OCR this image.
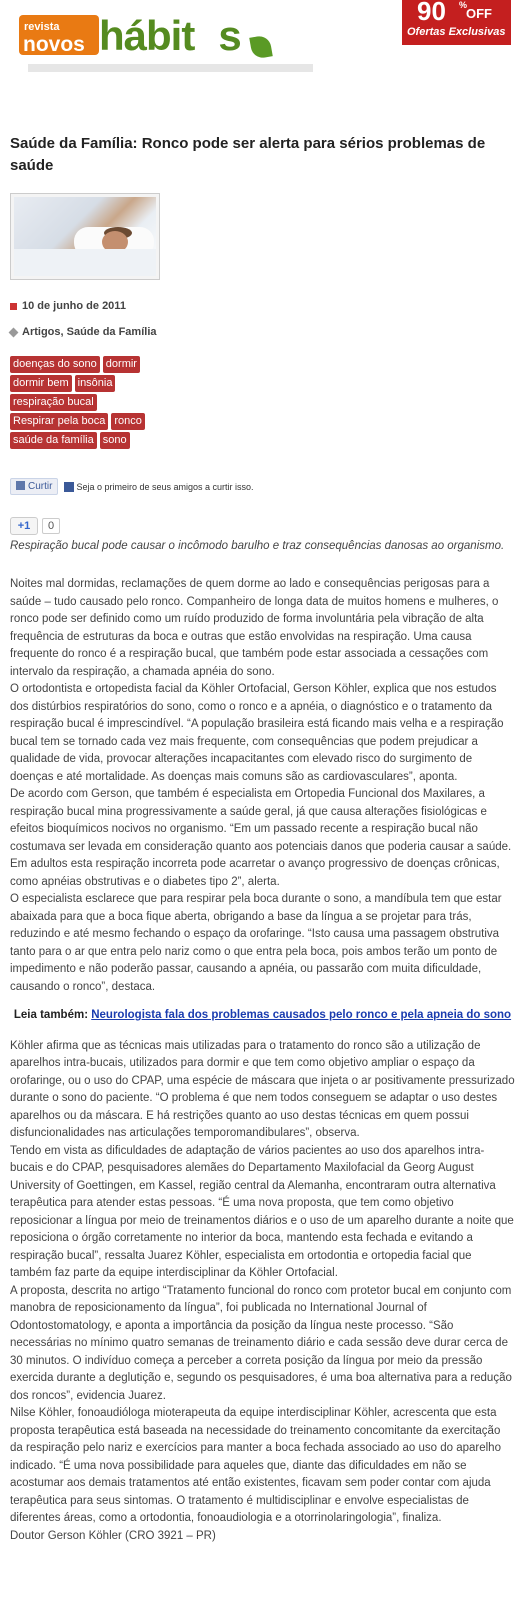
revista
novos hábit s
90 %
OFF
Ofertas Exclusivas
Saúde da Família: Ronco pode ser alerta para sérios problemas de saúde
10 de junho de 2011
Artigos, Saúde da Família
doenças do sono dormir
dormir bem insônia
respiração bucal
Respirar pela boca ronco
saúde da família sono
Curtir	Seja o primeiro de seus amigos a curtir isso.
+1 0

Respiração bucal pode causar o incômodo barulho e traz consequências danosas ao organismo.

Noites mal dormidas, reclamações de quem dorme ao lado e consequências perigosas para a saúde – tudo causado pelo ronco. Companheiro de longa data de muitos homens e mulheres, o ronco pode ser definido como um ruído produzido de forma involuntária pela vibração de alta frequência de estruturas da boca e outras que estão envolvidas na respiração. Uma causa frequente do ronco é a respiração bucal, que também pode estar associada a cessações com intervalo da respiração, a chamada apnéia do sono.

O ortodontista e ortopedista facial da Köhler Ortofacial, Gerson Köhler, explica que nos estudos dos distúrbios respiratórios do sono, como o ronco e a apnéia, o diagnóstico e o tratamento da respiração bucal é imprescindível. “A população brasileira está ficando mais velha e a respiração bucal tem se tornado cada vez mais frequente, com consequências que podem prejudicar a qualidade de vida, provocar alterações incapacitantes com elevado risco do surgimento de doenças e até mortalidade. As doenças mais comuns são as cardiovasculares”, aponta.

De acordo com Gerson, que também é especialista em Ortopedia Funcional dos Maxilares, a respiração bucal mina progressivamente a saúde geral, já que causa alterações fisiológicas e efeitos bioquímicos nocivos no organismo. “Em um passado recente a respiração bucal não costumava ser levada em consideração quanto aos potenciais danos que poderia causar a saúde. Em adultos esta respiração incorreta pode acarretar o avanço progressivo de doenças crônicas, como apnéias obstrutivas e o diabetes tipo 2”, alerta.

O especialista esclarece que para respirar pela boca durante o sono, a mandíbula tem que estar abaixada para que a boca fique aberta, obrigando a base da língua a se projetar para trás, reduzindo e até mesmo fechando o espaço da orofaringe. “Isto causa uma passagem obstrutiva tanto para o ar que entra pelo nariz como o que entra pela boca, pois ambos terão um ponto de impedimento e não poderão passar, causando a apnéia, ou passarão com muita dificuldade, causando o ronco”, destaca.

Leia também: Neurologista fala dos problemas causados pelo ronco e pela apneia do sono

Köhler afirma que as técnicas mais utilizadas para o tratamento do ronco são a utilização de aparelhos intra-bucais, utilizados para dormir e que tem como objetivo ampliar o espaço da orofaringe, ou o uso do CPAP, uma espécie de máscara que injeta o ar positivamente pressurizado durante o sono do paciente. “O problema é que nem todos conseguem se adaptar o uso destes aparelhos ou da máscara. E há restrições quanto ao uso destas técnicas em quem possui disfuncionalidades nas articulações temporomandibulares”, observa.

Tendo em vista as dificuldades de adaptação de vários pacientes ao uso dos aparelhos intra-bucais e do CPAP, pesquisadores alemães do Departamento Maxilofacial da Georg August University of Goettingen, em Kassel, região central da Alemanha, encontraram outra alternativa terapêutica para atender estas pessoas. “É uma nova proposta, que tem como objetivo reposicionar a língua por meio de treinamentos diários e o uso de um aparelho durante a noite que reposiciona o órgão corretamente no interior da boca, mantendo esta fechada e evitando a respiração bucal”, ressalta Juarez Köhler, especialista em ortodontia e ortopedia facial que também faz parte da equipe interdisciplinar da Köhler Ortofacial.

A proposta, descrita no artigo “Tratamento funcional do ronco com protetor bucal em conjunto com manobra de reposicionamento da língua”, foi publicada no International Journal of Odontostomatology, e aponta a importância da posição da língua neste processo. “São necessárias no mínimo quatro semanas de treinamento diário e cada sessão deve durar cerca de 30 minutos. O indivíduo começa a perceber a correta posição da língua por meio da pressão exercida durante a deglutição e, segundo os pesquisadores, é uma boa alternativa para a redução dos roncos”, evidencia Juarez.

Nilse Köhler, fonoaudióloga mioterapeuta da equipe interdisciplinar Köhler, acrescenta que esta proposta terapêutica está baseada na necessidade do treinamento concomitante da exercitação da respiração pelo nariz e exercícios para manter a boca fechada associado ao uso do aparelho indicado. “É uma nova possibilidade para aqueles que, diante das dificuldades em não se acostumar aos demais tratamentos até então existentes, ficavam sem poder contar com ajuda terapêutica para seus sintomas. O tratamento é multidisciplinar e envolve especialistas de diferentes áreas, como a ortodontia, fonoaudiologia e a otorrinolaringologia”, finaliza.

Doutor Gerson Köhler (CRO 3921 – PR)
